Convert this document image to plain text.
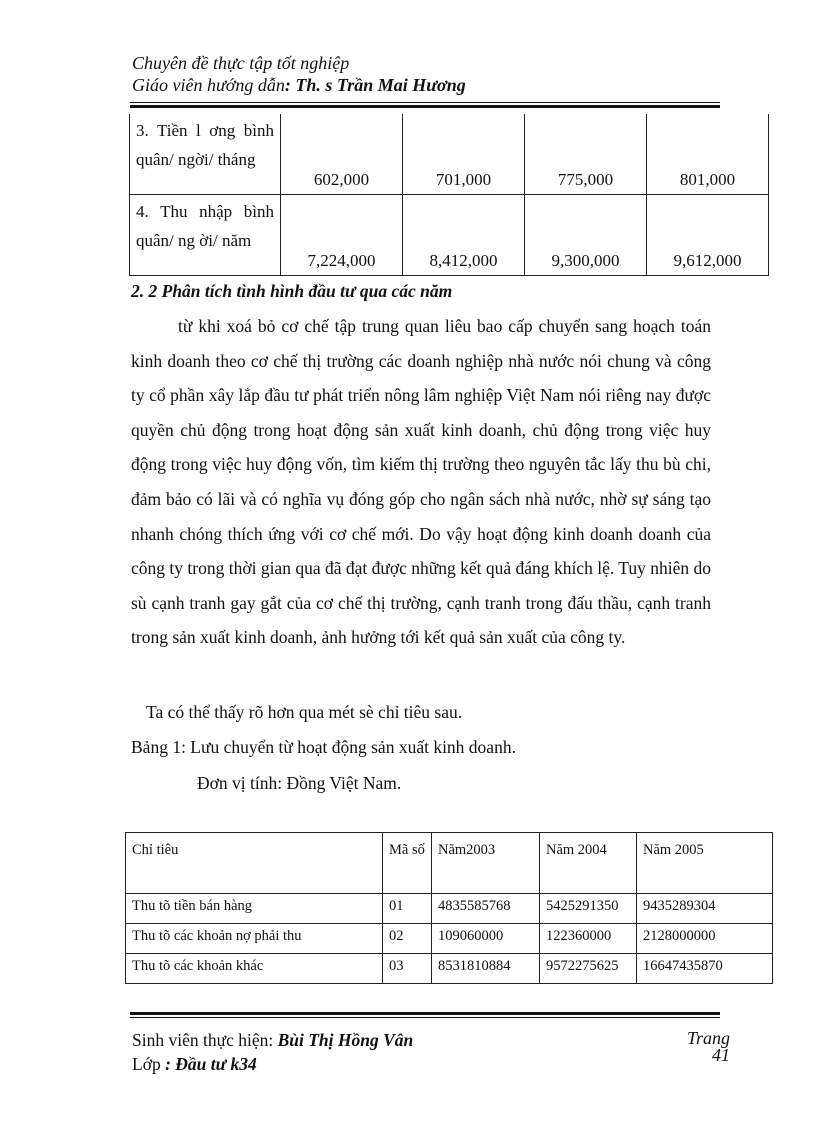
Chuyên đề thực tập tốt nghiệp
Giáo viên hướng dẫn: Th. s Trần Mai Hương
3. Tiền l ơng bình quân/ ngời/ tháng	602,000	701,000	775,000	801,000
4. Thu nhập bình quân/ ng ời/ năm	7,224,000	8,412,000	9,300,000	9,612,000
2. 2 Phân tích tình hình đầu tư qua các năm

từ khi xoá bỏ cơ chế tập trung quan liêu bao cấp chuyển sang hoạch toán kinh doanh theo cơ chế thị trường các doanh nghiệp nhà nước nói chung và công ty cổ phần xây lắp đầu tư phát triển nông lâm nghiệp Việt Nam nói riêng nay được quyền chủ động trong hoạt động sản xuất kinh doanh, chủ động trong việc huy động trong việc huy động vốn, tìm kiếm thị trường theo nguyên tắc lấy thu bù chi, đảm bảo có lãi và có nghĩa vụ đóng góp cho ngân sách nhà nước, nhờ sự sáng tạo nhanh chóng thích ứng với cơ chế mới. Do vậy hoạt động kinh doanh doanh của công ty trong thời gian qua đã đạt được những kết quả đáng khích lệ. Tuy nhiên do sù cạnh tranh gay gắt của cơ chế thị trường, cạnh tranh trong đấu thầu, cạnh tranh trong sản xuất kinh doanh, ảnh hưởng tới kết quả sản xuất của công ty.

Ta có thể thấy rõ hơn qua mét sè chỉ tiêu sau.
Bảng 1: Lưu chuyển từ hoạt động sản xuất kinh doanh.
Đơn vị tính: Đồng Việt Nam.
Chỉ tiêu	Mã số	Năm2003	Năm 2004	Năm 2005
Thu tõ tiền bán hàng	01	4835585768	5425291350	9435289304
Thu tõ các khoản nợ phải thu	02	109060000	122360000	2128000000
Thu tõ các khoản khác	03	8531810884	9572275625	16647435870
Sinh viên thực hiện: Bùi Thị Hồng Vân
Lớp : Đầu tư k34
Trang
41
